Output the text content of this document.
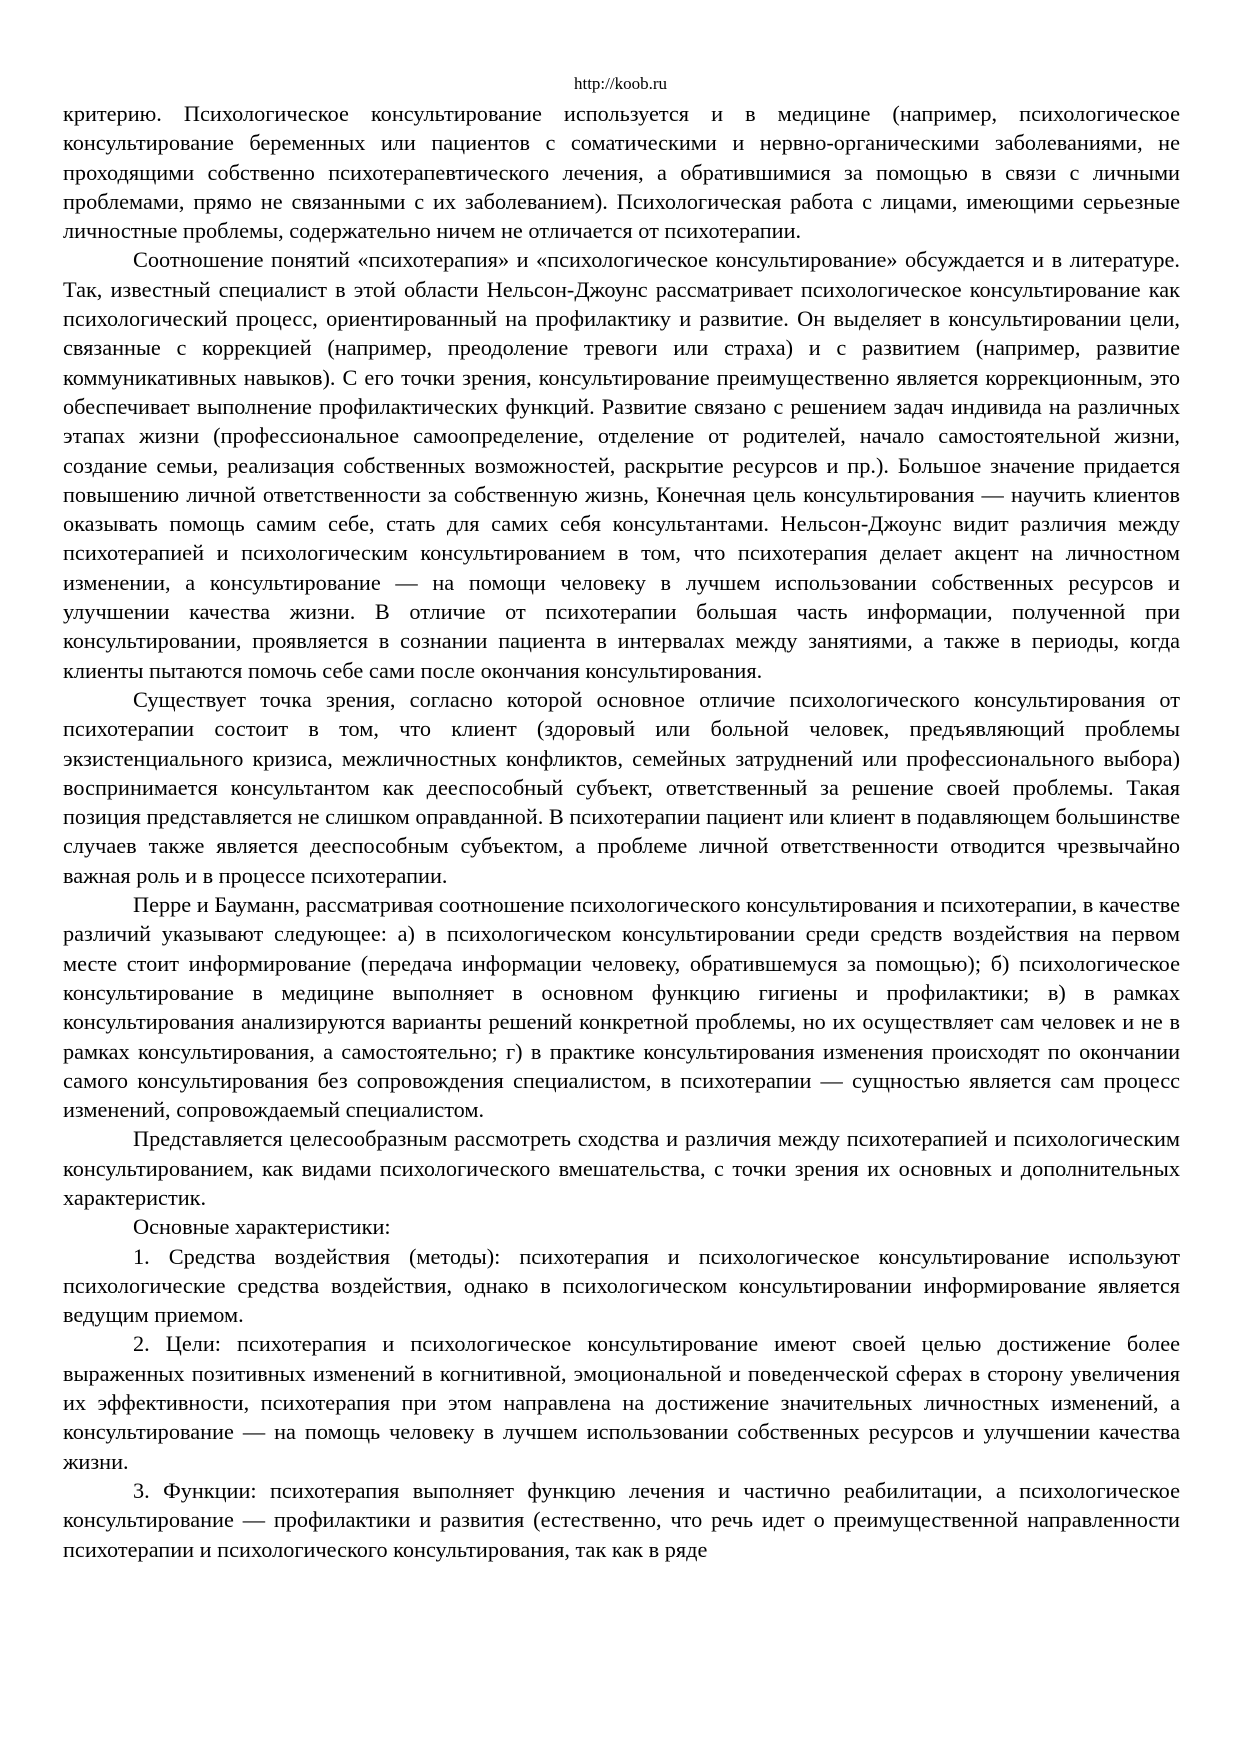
http://koob.ru

критерию. Психологическое консультирование используется и в медицине (например, психологическое консультирование беременных или пациентов с соматическими и нервно-органическими заболеваниями, не проходящими собственно психотерапевтического лечения, а обратившимися за помощью в связи с личными проблемами, прямо не связанными с их заболеванием). Психологическая работа с лицами, имеющими серьезные личностные проблемы, содержательно ничем не отличается от психотерапии.

Соотношение понятий «психотерапия» и «психологическое консультирование» обсуждается и в литературе. Так, известный специалист в этой области Нельсон-Джоунс рассматривает психологическое консультирование как психологический процесс, ориентированный на профилактику и развитие. Он выделяет в консультировании цели, связанные с коррекцией (например, преодоление тревоги или страха) и с развитием (например, развитие коммуникативных навыков). С его точки зрения, консультирование преимущественно является коррекционным, это обеспечивает выполнение профилактических функций. Развитие связано с решением задач индивида на различных этапах жизни (профессиональное самоопределение, отделение от родителей, начало самостоятельной жизни, создание семьи, реализация собственных возможностей, раскрытие ресурсов и пр.). Большое значение придается повышению личной ответственности за собственную жизнь, Конечная цель консультирования — научить клиентов оказывать помощь самим себе, стать для самих себя консультантами. Нельсон-Джоунс видит различия между психотерапией и психологическим консультированием в том, что психотерапия делает акцент на личностном изменении, а консультирование — на помощи человеку в лучшем использовании собственных ресурсов и улучшении качества жизни. В отличие от психотерапии большая часть информации, полученной при консультировании, проявляется в сознании пациента в интервалах между занятиями, а также в периоды, когда клиенты пытаются помочь себе сами после окончания консультирования.

Существует точка зрения, согласно которой основное отличие психологического консультирования от психотерапии состоит в том, что клиент (здоровый или больной человек, предъявляющий проблемы экзистенциального кризиса, межличностных конфликтов, семейных затруднений или профессионального выбора) воспринимается консультантом как дееспособный субъект, ответственный за решение своей проблемы. Такая позиция представляется не слишком оправданной. В психотерапии пациент или клиент в подавляющем большинстве случаев также является дееспособным субъектом, а проблеме личной ответственности отводится чрезвычайно важная роль и в процессе психотерапии.

Перре и Бауманн, рассматривая соотношение психологического консультирования и психотерапии, в качестве различий указывают следующее: а) в психологическом консультировании среди средств воздействия на первом месте стоит информирование (передача информации человеку, обратившемуся за помощью); б) психологическое консультирование в медицине выполняет в основном функцию гигиены и профилактики; в) в рамках консультирования анализируются варианты решений конкретной проблемы, но их осуществляет сам человек и не в рамках консультирования, а самостоятельно; г) в практике консультирования изменения происходят по окончании самого консультирования без сопровождения специалистом, в психотерапии — сущностью является сам процесс изменений, сопровождаемый специалистом.

Представляется целесообразным рассмотреть сходства и различия между психотерапией и психологическим консультированием, как видами психологического вмешательства, с точки зрения их основных и дополнительных характеристик.

Основные характеристики:

1. Средства воздействия (методы): психотерапия и психологическое консультирование используют психологические средства воздействия, однако в психологическом консультировании информирование является ведущим приемом.

2. Цели: психотерапия и психологическое консультирование имеют своей целью достижение более выраженных позитивных изменений в когнитивной, эмоциональной и поведенческой сферах в сторону увеличения их эффективности, психотерапия при этом направлена на достижение значительных личностных изменений, а консультирование — на помощь человеку в лучшем использовании собственных ресурсов и улучшении качества жизни.

3. Функции: психотерапия выполняет функцию лечения и частично реабилитации, а психологическое консультирование — профилактики и развития (естественно, что речь идет о преимущественной направленности психотерапии и психологического консультирования, так как в ряде
